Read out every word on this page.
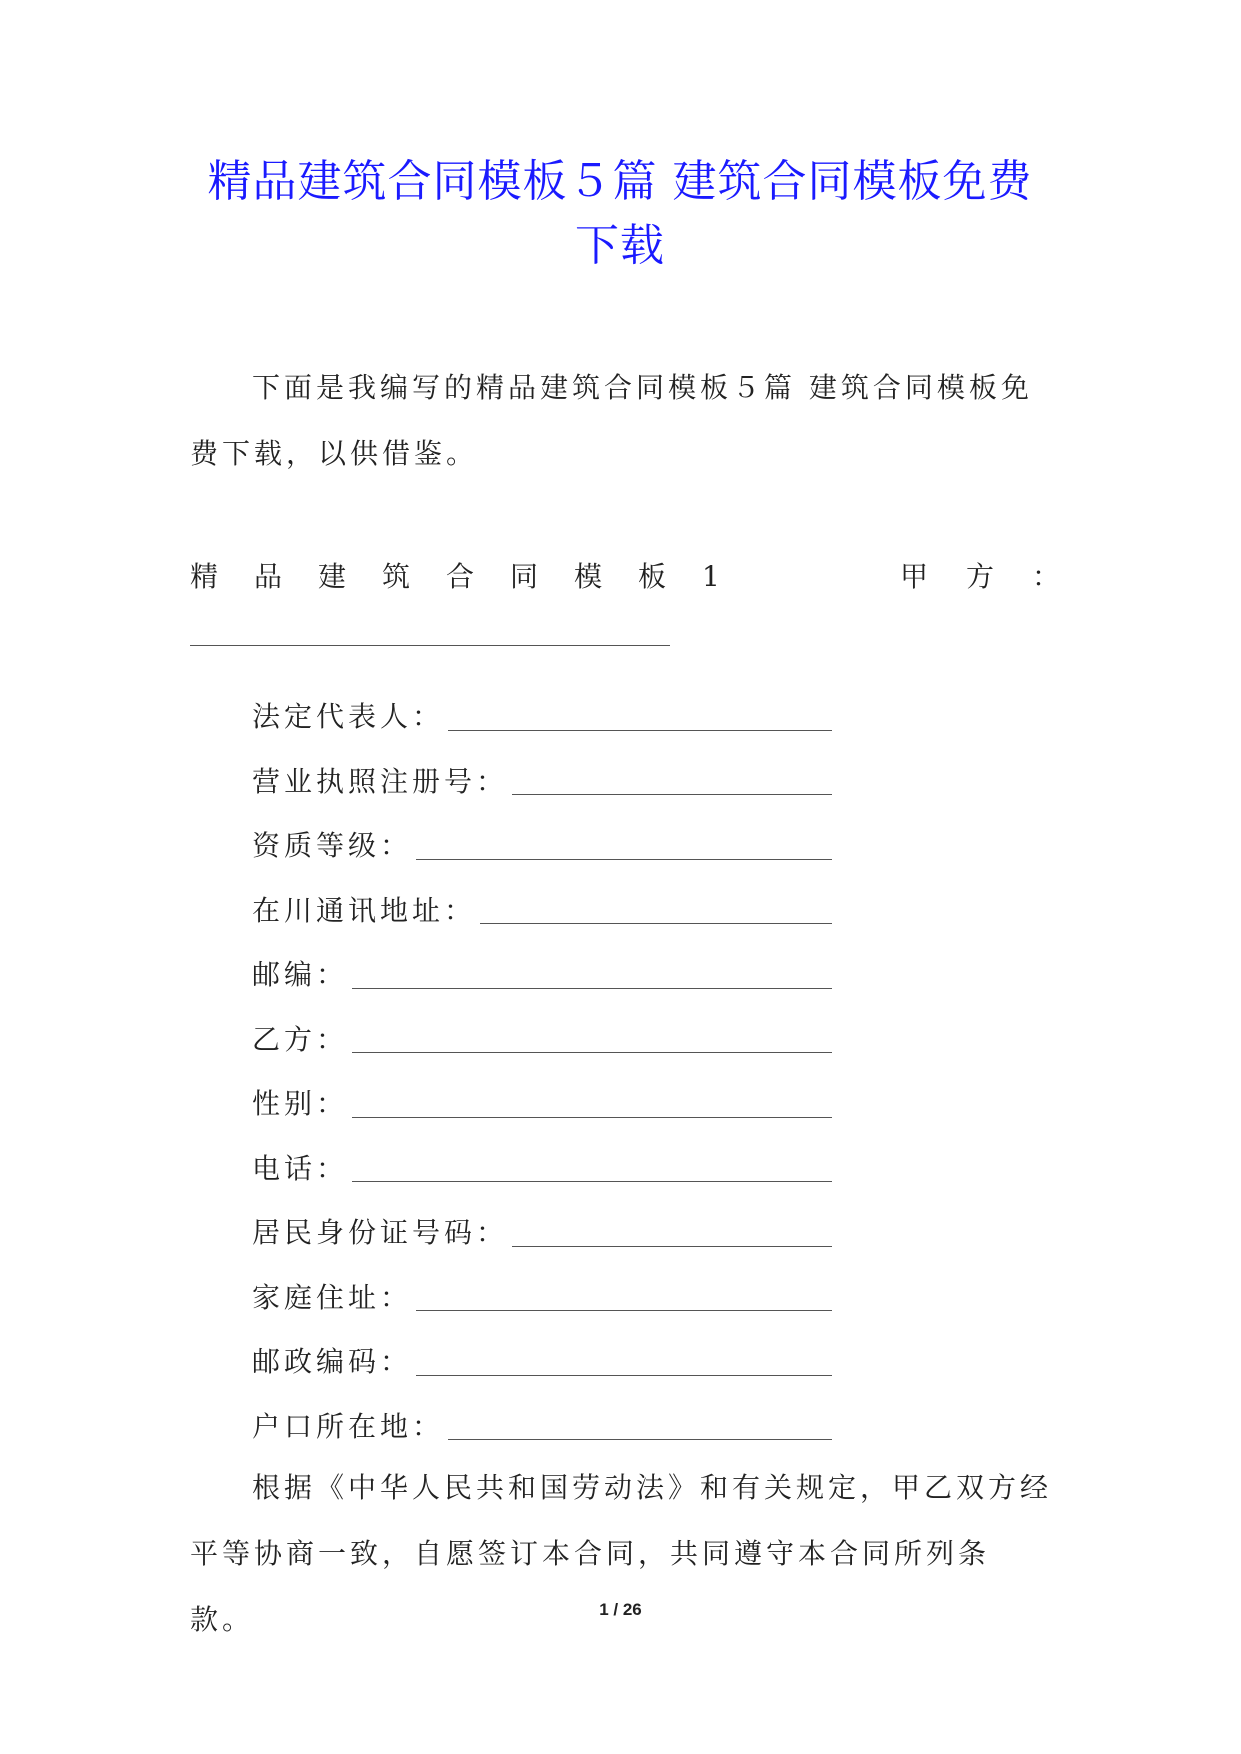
精品建筑合同模板５篇 建筑合同模板免费下载

下面是我编写的精品建筑合同模板５篇 建筑合同模板免费下载，以供借鉴。

精品建筑合同模板1	甲 方 ：
法定代表人：
营业执照注册号：
资质等级：
在川通讯地址：
邮编：
乙方：
性别：
电话：
居民身份证号码：
家庭住址：
邮政编码：
户口所在地：

根据《中华人民共和国劳动法》和有关规定，甲乙双方经平等协商一致，自愿签订本合同，共同遵守本合同所列条款。	1 / 26
